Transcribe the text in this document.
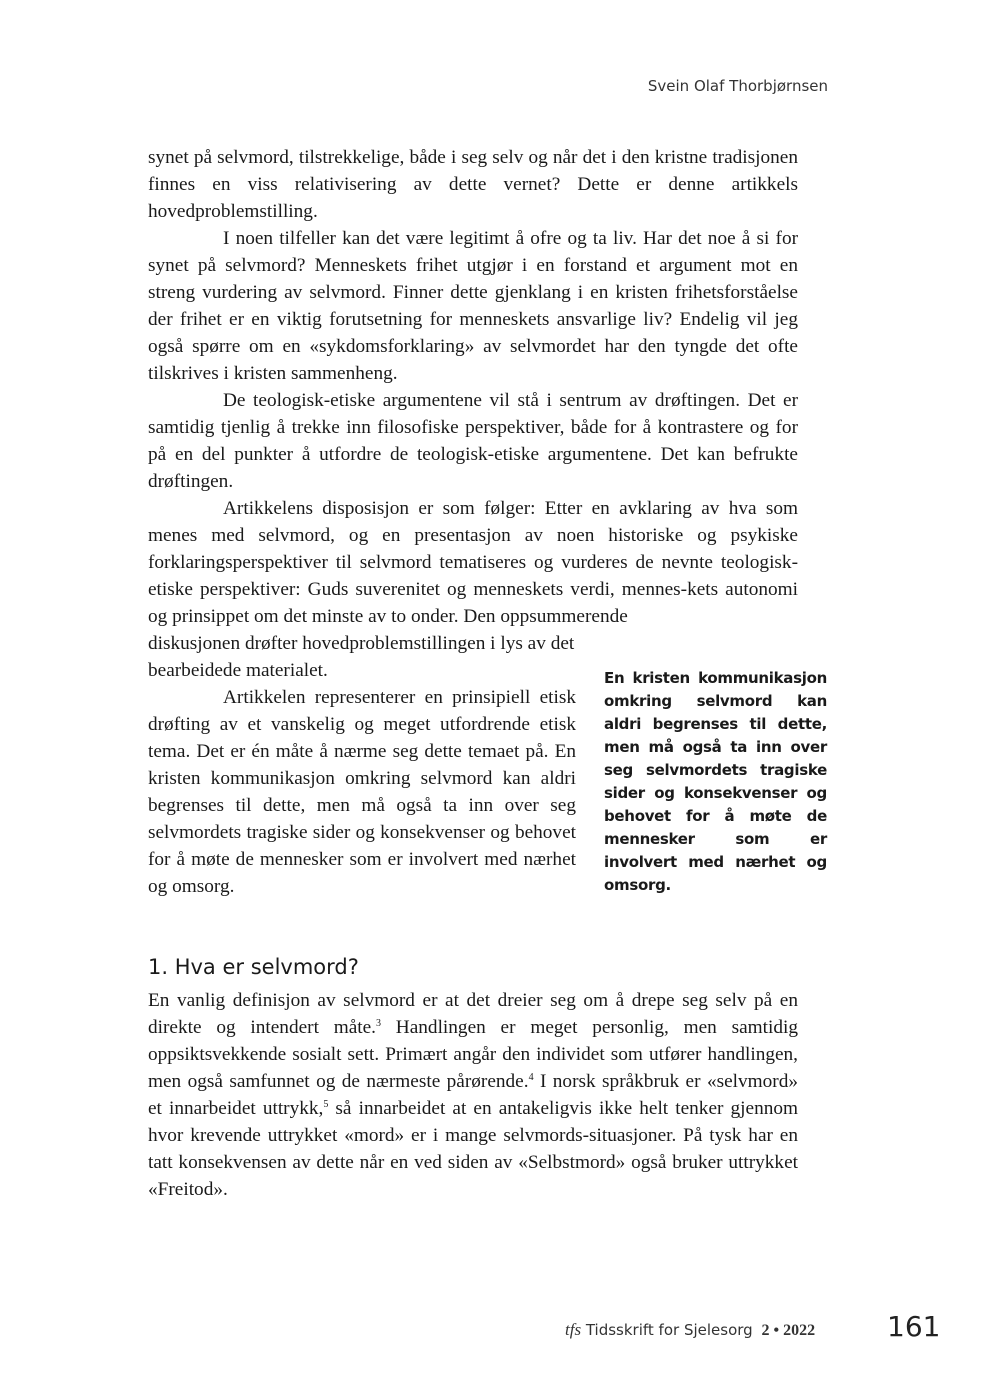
Svein Olaf Thorbjørnsen

synet på selvmord, tilstrekkelige, både i seg selv og når det i den kristne tradisjonen finnes en viss relativisering av dette vernet? Dette er denne artikkels hovedproblemstilling.

I noen tilfeller kan det være legitimt å ofre og ta liv. Har det noe å si for synet på selvmord? Menneskets frihet utgjør i en forstand et argument mot en streng vurdering av selvmord. Finner dette gjenklang i en kristen frihetsforståelse der frihet er en viktig forutsetning for menneskets ansvarlige liv? Endelig vil jeg også spørre om en «sykdomsforklaring» av selvmordet har den tyngde det ofte tilskrives i kristen sammenheng.

De teologisk-etiske argumentene vil stå i sentrum av drøftingen. Det er samtidig tjenlig å trekke inn filosofiske perspektiver, både for å kontrastere og for på en del punkter å utfordre de teologisk-etiske argumentene. Det kan befrukte drøftingen.

Artikkelens disposisjon er som følger: Etter en avklaring av hva som menes med selvmord, og en presentasjon av noen historiske og psykiske forklaringsperspektiver til selvmord tematiseres og vurderes de nevnte teologisk-etiske perspektiver: Guds suverenitet og menneskets verdi, mennes-kets autonomi og prinsippet om det minste av to onder. Den oppsummerende

diskusjonen drøfter hovedproblemstillingen i lys av det bearbeidede materialet.

Artikkelen representerer en prinsipiell etisk drøfting av et vanskelig og meget utfordrende etisk tema. Det er én måte å nærme seg dette temaet på. En kristen kommunikasjon omkring selvmord kan aldri begrenses til dette, men må også ta inn over seg selvmordets tragiske sider og konsekvenser og behovet for å møte de mennesker som er involvert med nærhet og omsorg.

En kristen kommunikasjon omkring selvmord kan aldri begrenses til dette, men må også ta inn over seg selvmordets tragiske sider og konsekvenser og behovet for å møte de mennesker som er involvert med nærhet og omsorg.

1. Hva er selvmord?

En vanlig definisjon av selvmord er at det dreier seg om å drepe seg selv på en direkte og intendert måte.$^3$ Handlingen er meget personlig, men samtidig oppsiktsvekkende sosialt sett. Primært angår den individet som utfører handlingen, men også samfunnet og de nærmeste pårørende.$^4$ I norsk språkbruk er «selvmord» et innarbeidet uttrykk,$^5$ så innarbeidet at en antakeligvis ikke helt tenker gjennom hvor krevende uttrykket «mord» er i mange selvmords-situasjoner. På tysk har en tatt konsekvensen av dette når en ved siden av «Selbstmord» også bruker uttrykket «Freitod».

tfs Tidsskrift for Sjelesorg 2 • 2022	161
